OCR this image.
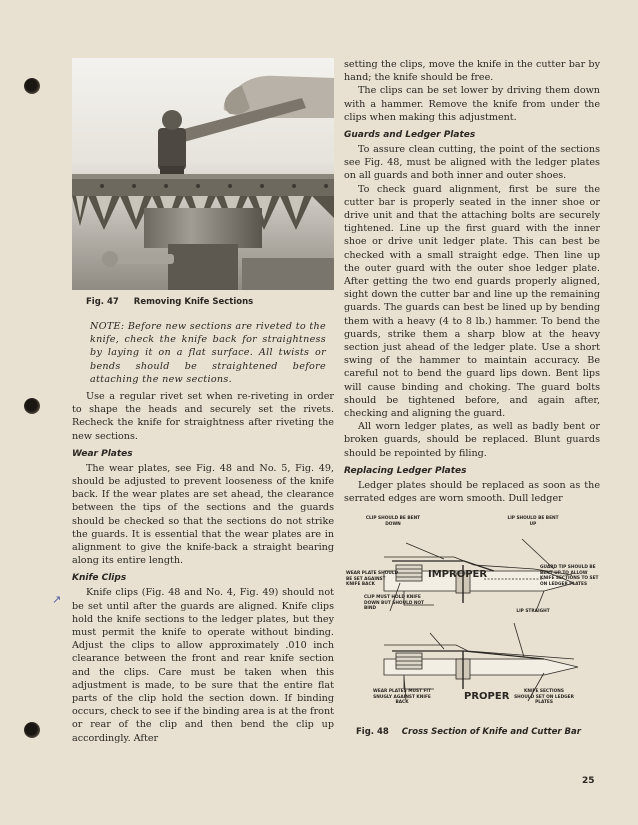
↗
Fig. 47 Removing Knife Sections
NOTE: Before new sections are riveted to the knife, check the knife back for straightness by laying it on a flat surface. All twists or bends should be straightened before attaching the new sections.

Use a regular rivet set when re-riveting in order to shape the heads and securely set the rivets. Recheck the knife for straightness after riveting the new sections.

Wear Plates

The wear plates, see Fig. 48 and No. 5, Fig. 49, should be adjusted to prevent looseness of the knife back. If the wear plates are set ahead, the clearance between the tips of the sections and the guards should be checked so that the sections do not strike the guards. It is essential that the wear plates are in alignment to give the knife-back a straight bearing along its entire length.

Knife Clips

Knife clips (Fig. 48 and No. 4, Fig. 49) should not be set until after the guards are aligned. Knife clips hold the knife sections to the ledger plates, but they must permit the knife to operate without binding. Adjust the clips to allow approximately .010 inch clearance between the front and rear knife section and the clips. Care must be taken when this adjustment is made, to be sure that the entire flat parts of the clip hold the section down. If binding occurs, check to see if the binding area is at the front or rear of the clip and then bend the clip up accordingly. After

setting the clips, move the knife in the cutter bar by hand; the knife should be free.

The clips can be set lower by driving them down with a hammer. Remove the knife from under the clips when making this adjustment.

Guards and Ledger Plates

To assure clean cutting, the point of the sections see Fig. 48, must be aligned with the ledger plates on all guards and both inner and outer shoes.

To check guard alignment, first be sure the cutter bar is properly seated in the inner shoe or drive unit and that the attaching bolts are securely tightened. Line up the first guard with the inner shoe or drive unit ledger plate. This can best be checked with a small straight edge. Then line up the outer guard with the outer shoe ledger plate. After getting the two end guards properly aligned, sight down the cutter bar and line up the remaining guards. The guards can best be lined up by bending them with a heavy (4 to 8 lb.) hammer. To bend the guards, strike them a sharp blow at the heavy section just ahead of the ledger plate. Use a short swing of the hammer to maintain accuracy. Be careful not to bend the guard lips down. Bent lips will cause binding and choking. The guard bolts should be tightened before, and again after, checking and aligning the guard.

All worn ledger plates, as well as badly bent or broken guards, should be replaced. Blunt guards should be repointed by filing.

Replacing Ledger Plates

Ledger plates should be replaced as soon as the serrated edges are worn smooth. Dull ledger

CLIP SHOULD BE BENT DOWN
LIP SHOULD BE BENT UP
WEAR PLATE SHOULD BE SET AGAINST KNIFE BACK
IMPROPER
GUARD TIP SHOULD BE BENT UP TO ALLOW KNIFE SECTIONS TO SET ON LEDGER PLATES
CLIP MUST HOLD KNIFE DOWN BUT SHOULD NOT BIND
LIP STRAIGHT
WEAR PLATES MUST FIT SNUGLY AGAINST KNIFE BACK
PROPER	KNIFE SECTIONS SHOULD SET ON LEDGER PLATES
Fig. 48 Cross Section of Knife and Cutter Bar
25
